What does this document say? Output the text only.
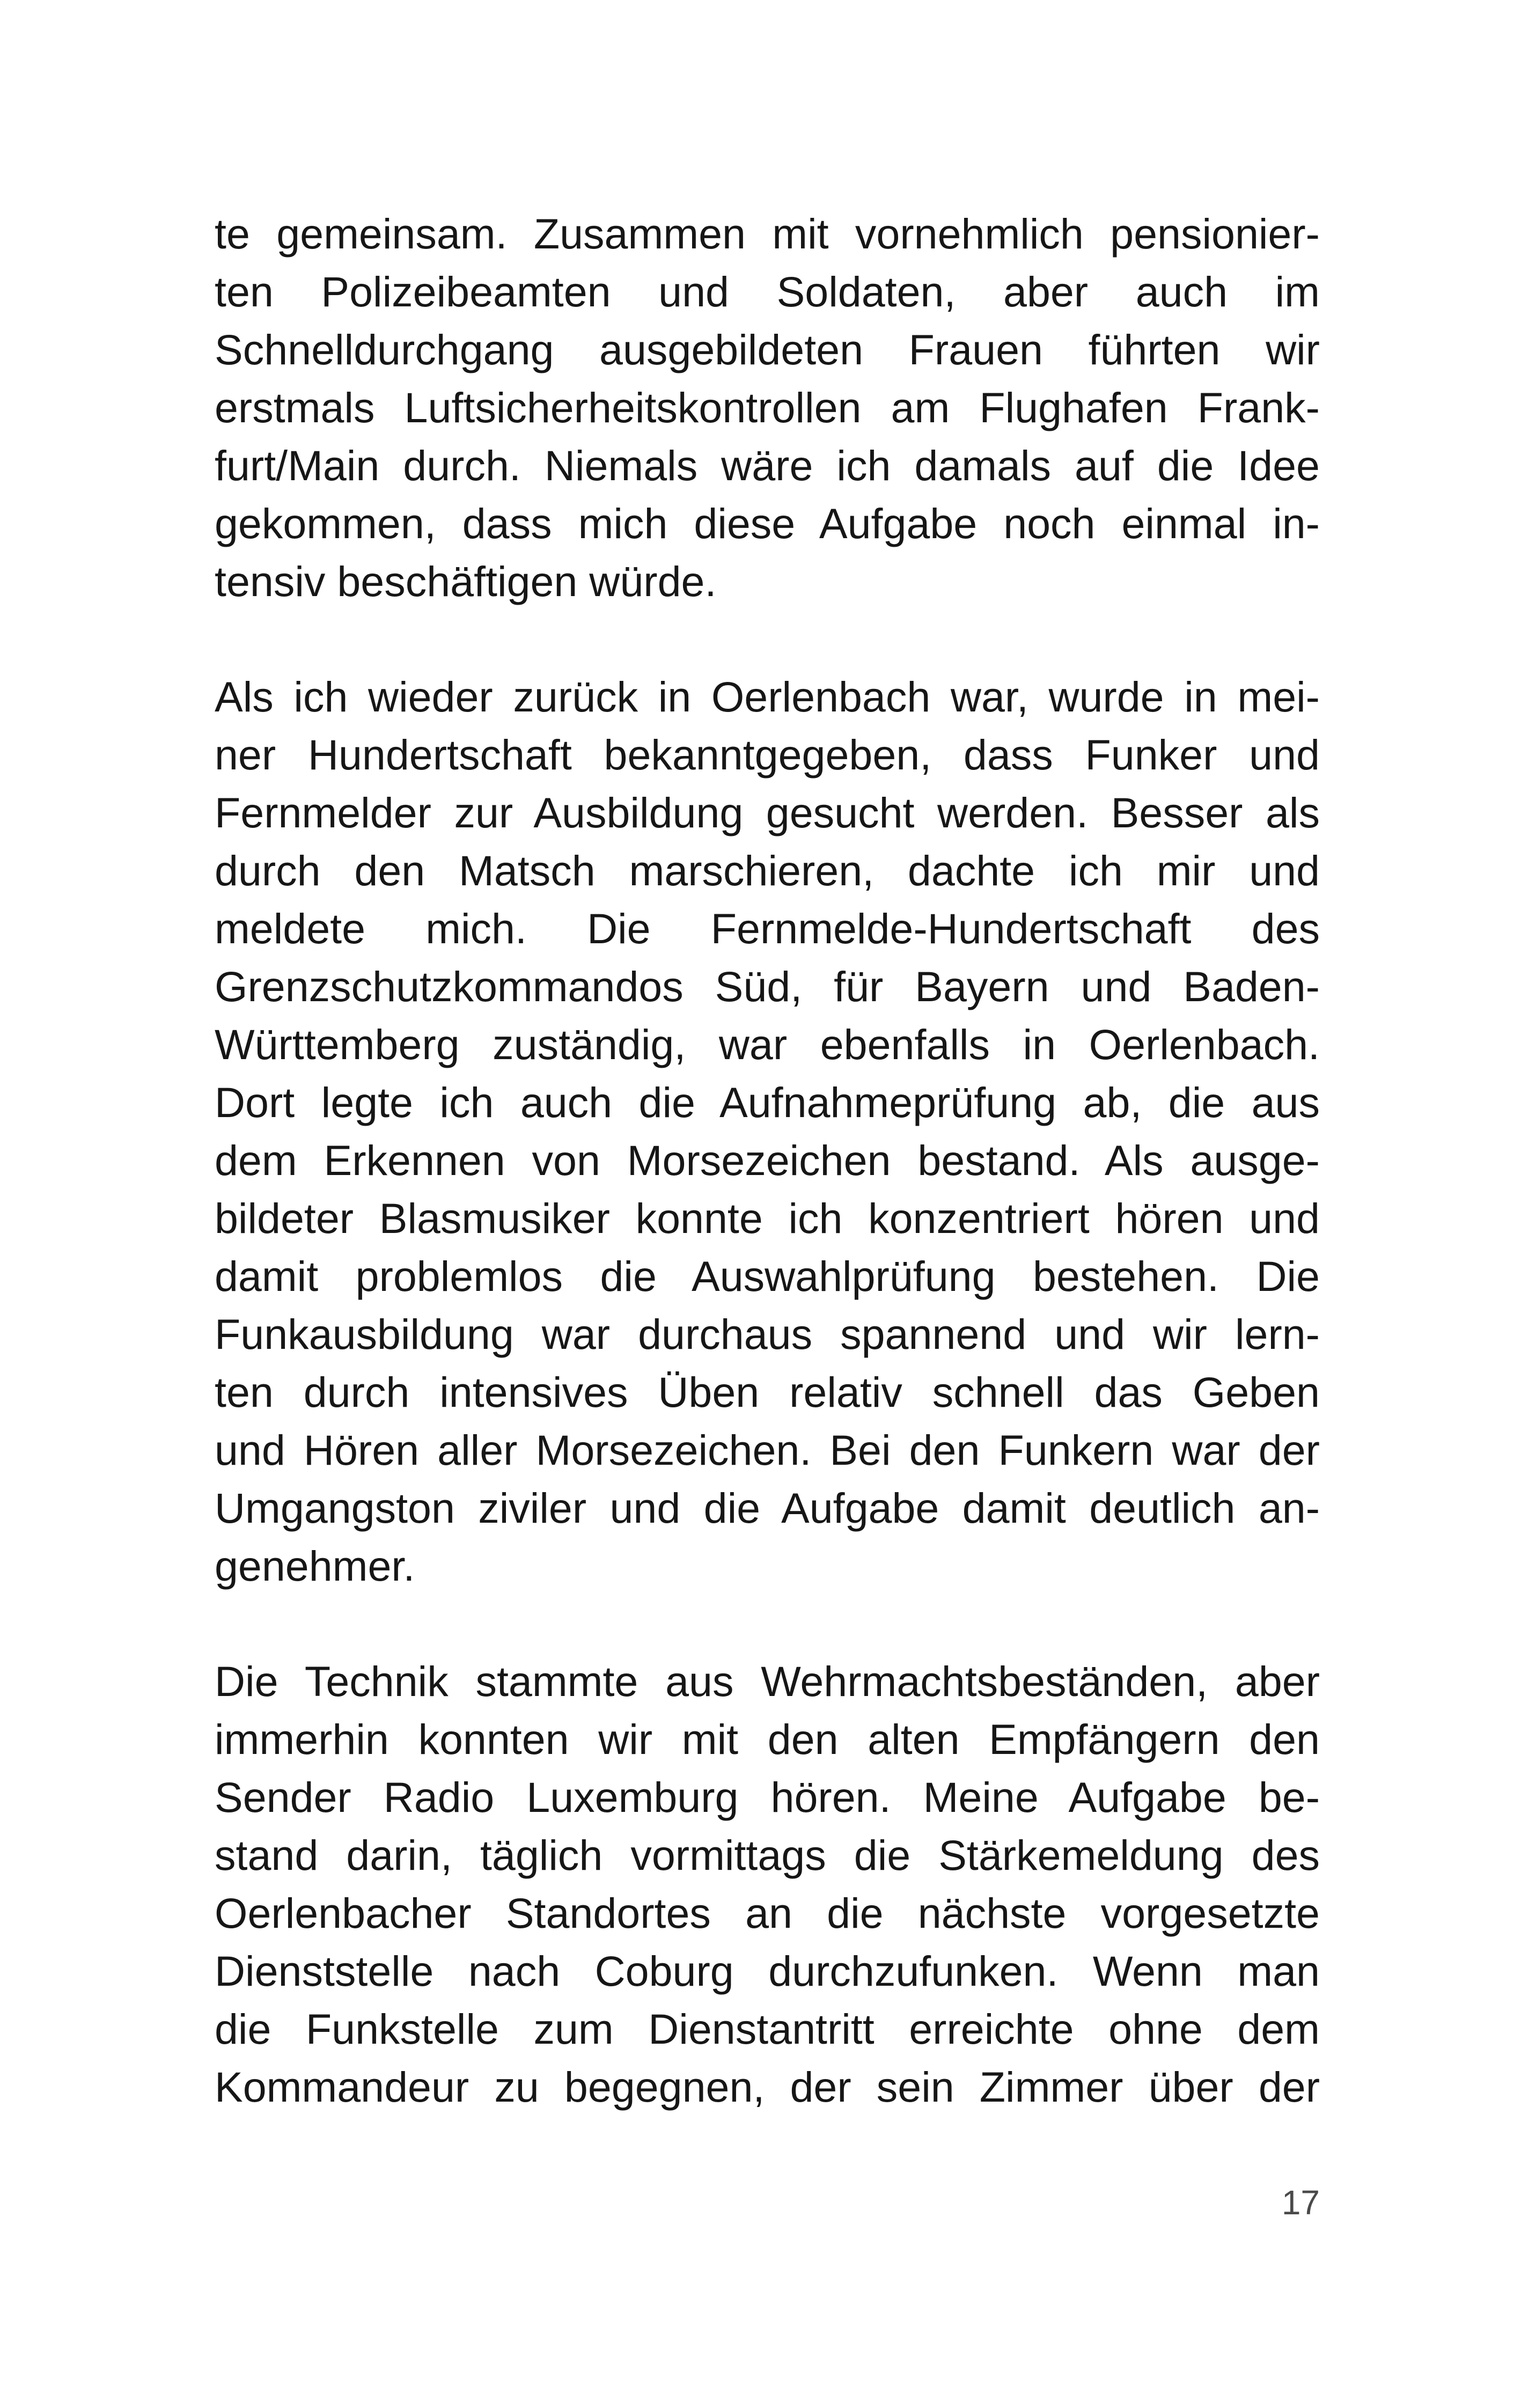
te gemeinsam. Zusammen mit vornehmlich pensionier-
ten Polizeibeamten und Soldaten, aber auch im
Schnelldurchgang ausgebildeten Frauen führten wir
erstmals Luftsicherheitskontrollen am Flughafen Frank-
furt/Main durch. Niemals wäre ich damals auf die Idee
gekommen, dass mich diese Aufgabe noch einmal in-
tensiv beschäftigen würde.
Als ich wieder zurück in Oerlenbach war, wurde in mei-
ner Hundertschaft bekanntgegeben, dass Funker und
Fernmelder zur Ausbildung gesucht werden. Besser als
durch den Matsch marschieren, dachte ich mir und
meldete mich. Die Fernmelde-Hundertschaft des
Grenzschutzkommandos Süd, für Bayern und Baden-
Württemberg zuständig, war ebenfalls in Oerlenbach.
Dort legte ich auch die Aufnahmeprüfung ab, die aus
dem Erkennen von Morsezeichen bestand. Als ausge-
bildeter Blasmusiker konnte ich konzentriert hören und
damit problemlos die Auswahlprüfung bestehen. Die
Funkausbildung war durchaus spannend und wir lern-
ten durch intensives Üben relativ schnell das Geben
und Hören aller Morsezeichen. Bei den Funkern war der
Umgangston ziviler und die Aufgabe damit deutlich an-
genehmer.
Die Technik stammte aus Wehrmachtsbeständen, aber
immerhin konnten wir mit den alten Empfängern den
Sender Radio Luxemburg hören. Meine Aufgabe be-
stand darin, täglich vormittags die Stärkemeldung des
Oerlenbacher Standortes an die nächste vorgesetzte
Dienststelle nach Coburg durchzufunken. Wenn man
die Funkstelle zum Dienstantritt erreichte ohne dem
Kommandeur zu begegnen, der sein Zimmer über der
17
